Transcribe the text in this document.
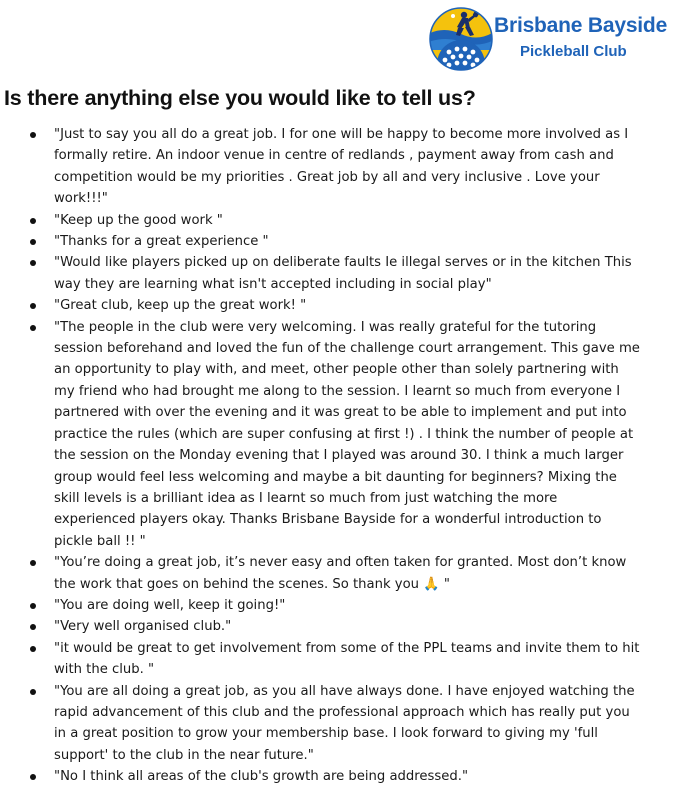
Brisbane Bayside
Pickleball Club
Is there anything else you would like to tell us?
"Just to say you all do a great job. I for one will be happy to become more involved as I formally retire. An indoor venue in centre of redlands , payment away from cash and competition would be my priorities . Great job by all and very inclusive . Love your work!!!"
"Keep up the good work "
"Thanks for a great experience "
"Would like players picked up on deliberate faults Ie illegal serves or in the kitchen This way they are learning what isn't accepted including in social play"
"Great club, keep up the great work! "
"The people in the club were very welcoming. I was really grateful for the tutoring session beforehand and loved the fun of the challenge court arrangement. This gave me an opportunity to play with, and meet, other people other than solely partnering with my friend who had brought me along to the session. I learnt so much from everyone I partnered with over the evening and it was great to be able to implement and put into practice the rules (which are super confusing at first !) . I think the number of people at the session on the Monday evening that I played was around 30. I think a much larger group would feel less welcoming and maybe a bit daunting for beginners? Mixing the skill levels is a brilliant idea as I learnt so much from just watching the more experienced players okay. Thanks Brisbane Bayside for a wonderful introduction to pickle ball !! "
"You’re doing a great job, it’s never easy and often taken for granted. Most don’t know the work that goes on behind the scenes. So thank you 🙏 "
"You are doing well, keep it going!"
"Very well organised club."
"it would be great to get involvement from some of the PPL teams and invite them to hit with the club. "
"You are all doing a great job, as you all have always done. I have enjoyed watching the rapid advancement of this club and the professional approach which has really put you in a great position to grow your membership base. I look forward to giving my 'full support' to the club in the near future."
"No I think all areas of the club's growth are being addressed."
